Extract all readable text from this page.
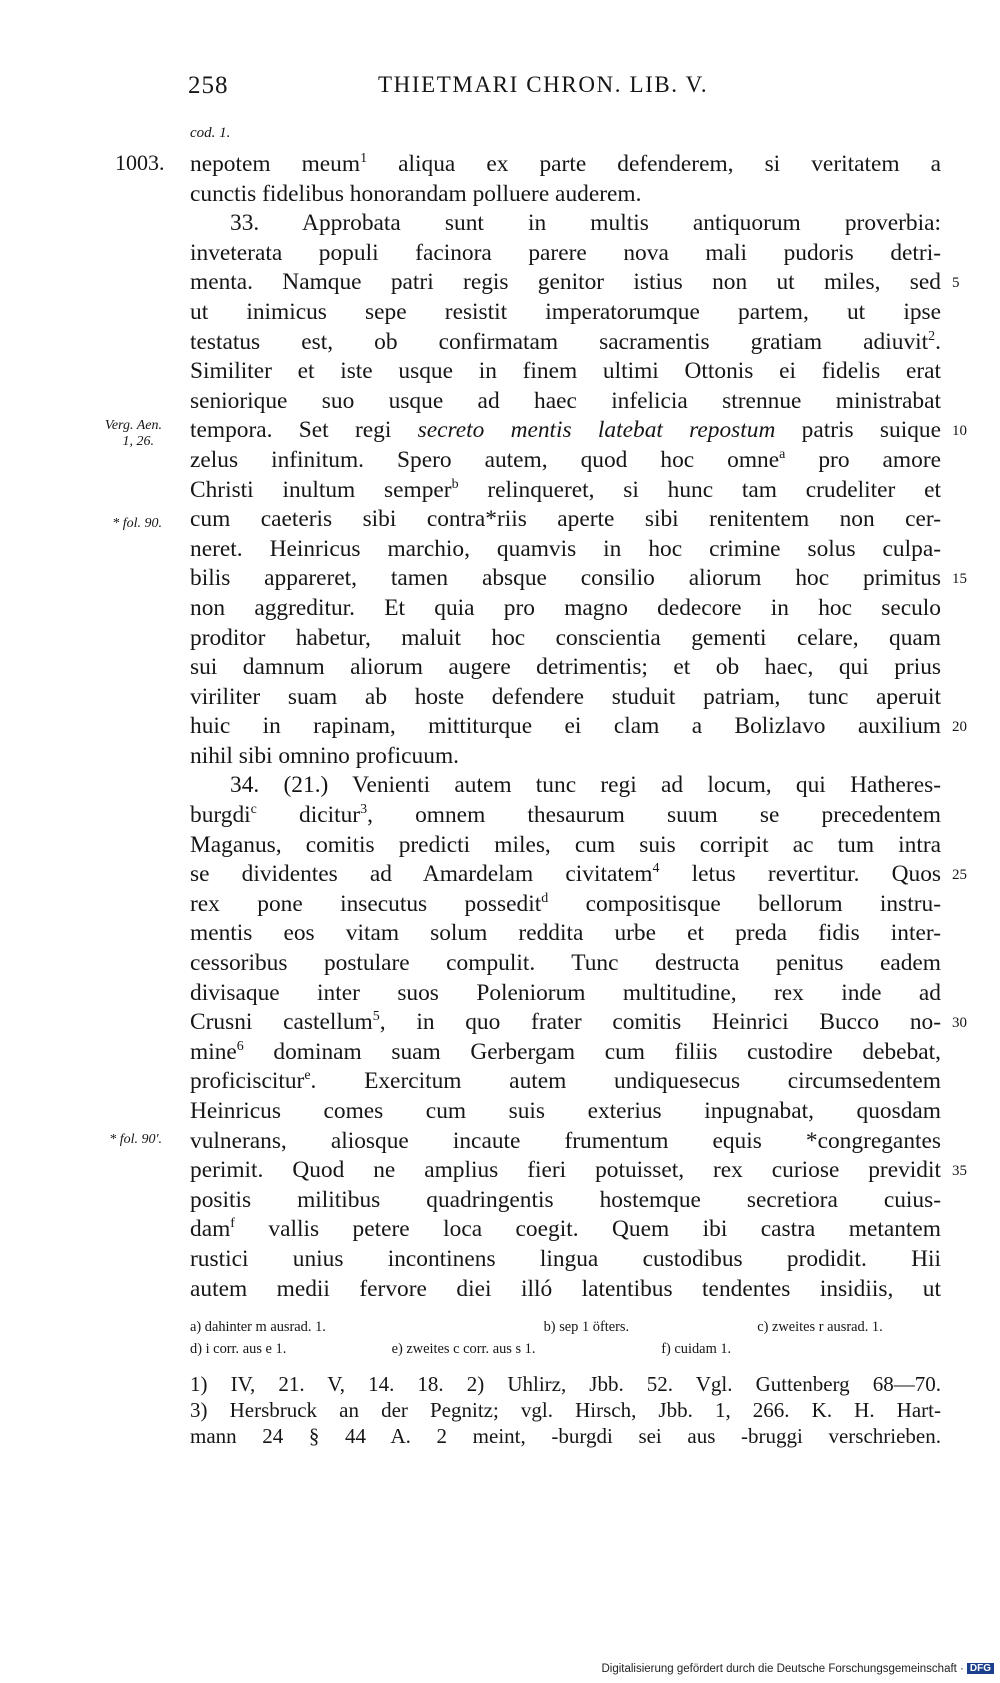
258	THIETMARI CHRON. LIB. V.
cod. 1.
1003.
Verg. Aen.
1, 26.
* fol. 90.
* fol. 90'.
nepotem meum$^1$ aliqua ex parte defenderem, si veritatem a
cunctis fidelibus honorandam polluere auderem.
33. Approbata sunt in multis antiquorum proverbia:
inveterata populi facinora parere nova mali pudoris detri-
menta. Namque patri regis genitor istius non ut miles, sed
ut inimicus sepe resistit imperatorumque partem, ut ipse
testatus est, ob confirmatam sacramentis gratiam adiuvit$^2$.
Similiter et iste usque in finem ultimi Ottonis ei fidelis erat
seniorique suo usque ad haec infelicia strennue ministrabat
tempora. Set regi secreto mentis latebat repostum patris suique
zelus infinitum. Spero autem, quod hoc omne$^a$ pro amore
Christi inultum semper$^b$ relinqueret, si hunc tam crudeliter et
cum caeteris sibi contra*riis aperte sibi renitentem non cer-
neret. Heinricus marchio, quamvis in hoc crimine solus culpa-
bilis appareret, tamen absque consilio aliorum hoc primitus
non aggreditur. Et quia pro magno dedecore in hoc seculo
proditor habetur, maluit hoc conscientia gementi celare, quam
sui damnum aliorum augere detrimentis; et ob haec, qui prius
viriliter suam ab hoste defendere studuit patriam, tunc aperuit
huic in rapinam, mittiturque ei clam a Bolizlavo auxilium
nihil sibi omnino proficuum.
34. (21.) Venienti autem tunc regi ad locum, qui Hatheres-
burgdi$^c$ dicitur$^3$, omnem thesaurum suum se precedentem
Maganus, comitis predicti miles, cum suis corripit ac tum intra
se dividentes ad Amardelam civitatem$^4$ letus revertitur. Quos
rex pone insecutus possedit$^d$ compositisque bellorum instru-
mentis eos vitam solum reddita urbe et preda fidis inter-
cessoribus postulare compulit. Tunc destructa penitus eadem
divisaque inter suos Poleniorum multitudine, rex inde ad
Crusni castellum$^5$, in quo frater comitis Heinrici Bucco no-
mine$^6$ dominam suam Gerbergam cum filiis custodire debebat,
proficiscitur$^e$. Exercitum autem undiquesecus circumsedentem
Heinricus comes cum suis exterius inpugnabat, quosdam
vulnerans, aliosque incaute frumentum equis *congregantes
perimit. Quod ne amplius fieri potuisset, rex curiose previdit
positis militibus quadringentis hostemque secretiora cuius-
dam$^f$ vallis petere loca coegit. Quem ibi castra metantem
rustici unius incontinens lingua custodibus prodidit. Hii
autem medii fervore diei illó latentibus tendentes insidiis, ut
5
10
15
20
25
30
35
a) dahinter m ausrad. 1.	b) sep 1 öfters.	c) zweites r ausrad. 1.
d) i corr. aus e 1.	e) zweites c corr. aus s 1.	f) cuidam 1.
1) IV, 21. V, 14. 18. 2) Uhlirz, Jbb. 52. Vgl. Guttenberg 68—70.
3) Hersbruck an der Pegnitz; vgl. Hirsch, Jbb. 1, 266. K. H. Hart-
mann 24 § 44 A. 2 meint, -burgdi sei aus -bruggi verschrieben.
Digitalisierung gefördert durch die Deutsche Forschungsgemeinschaft · DFG
